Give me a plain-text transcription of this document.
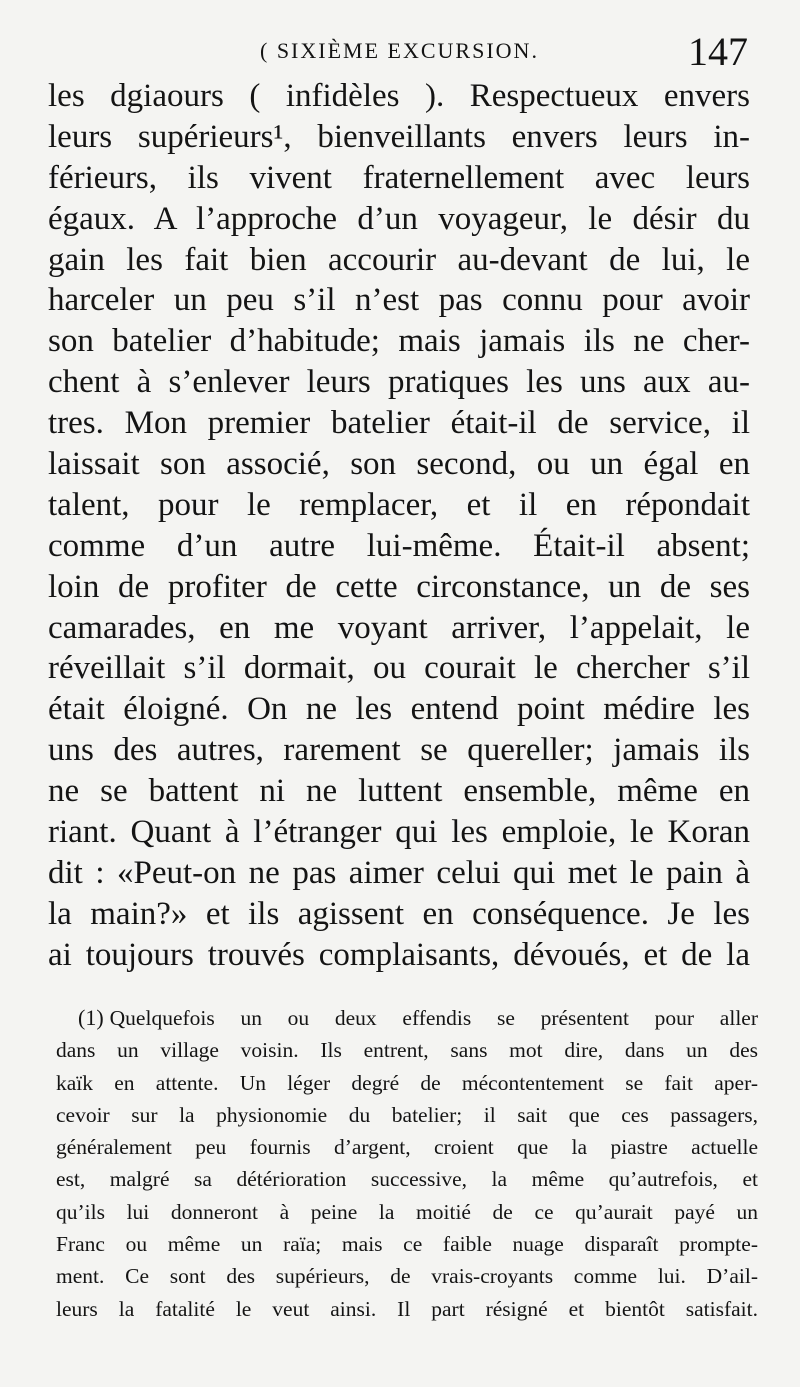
( SIXIÈME EXCURSION.	147
les dgiaours ( infidèles ). Respectueux envers
leurs supérieurs¹, bienveillants envers leurs in-
férieurs, ils vivent fraternellement avec leurs
égaux. A l’approche d’un voyageur, le désir du
gain les fait bien accourir au-devant de lui, le
harceler un peu s’il n’est pas connu pour avoir
son batelier d’habitude; mais jamais ils ne cher-
chent à s’enlever leurs pratiques les uns aux au-
tres. Mon premier batelier était-il de service, il
laissait son associé, son second, ou un égal en
talent, pour le remplacer, et il en répondait
comme d’un autre lui-même. Était-il absent;
loin de profiter de cette circonstance, un de ses
camarades, en me voyant arriver, l’appelait, le
réveillait s’il dormait, ou courait le chercher s’il
était éloigné. On ne les entend point médire les
uns des autres, rarement se quereller; jamais ils
ne se battent ni ne luttent ensemble, même en
riant. Quant à l’étranger qui les emploie, le Koran
dit : «Peut-on ne pas aimer celui qui met le pain à
la main?» et ils agissent en conséquence. Je les
ai toujours trouvés complaisants, dévoués, et de la
(1) Quelquefois un ou deux effendis se présentent pour aller
dans un village voisin. Ils entrent, sans mot dire, dans un des
kaïk en attente. Un léger degré de mécontentement se fait aper-
cevoir sur la physionomie du batelier; il sait que ces passagers,
généralement peu fournis d’argent, croient que la piastre actuelle
est, malgré sa détérioration successive, la même qu’autrefois, et
qu’ils lui donneront à peine la moitié de ce qu’aurait payé un
Franc ou même un raïa; mais ce faible nuage disparaît prompte-
ment. Ce sont des supérieurs, de vrais-croyants comme lui. D’ail-
leurs la fatalité le veut ainsi. Il part résigné et bientôt satisfait.
